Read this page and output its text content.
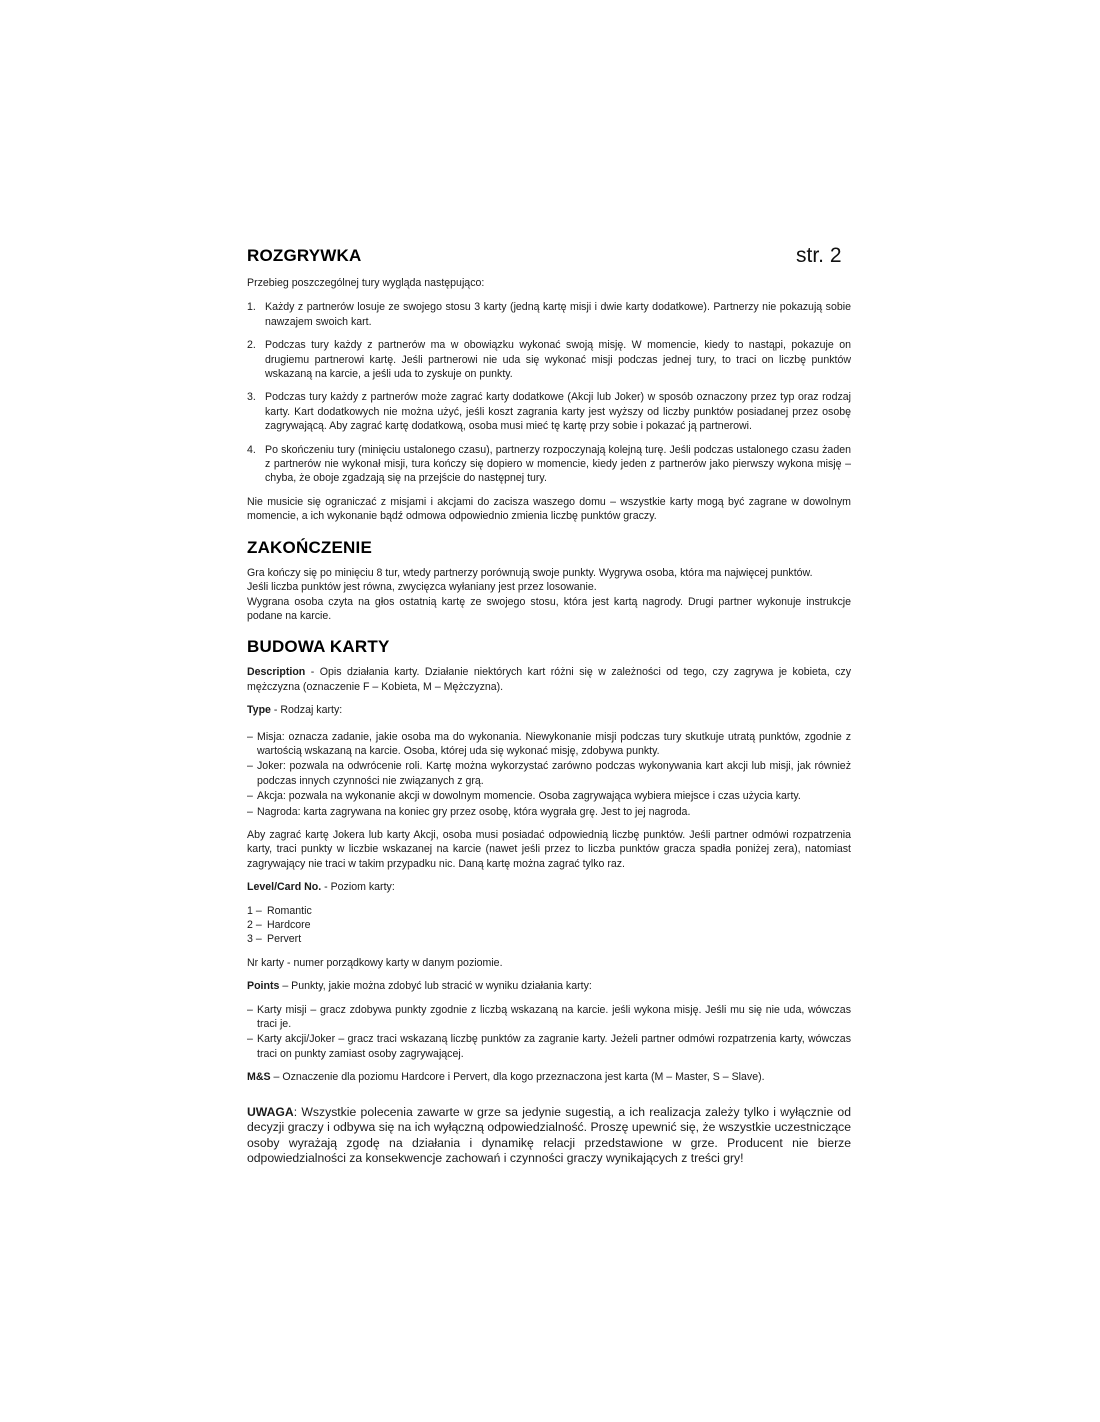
str. 2
ROZGRYWKA

Przebieg poszczególnej tury wygląda następująco:

1. Każdy z partnerów losuje ze swojego stosu 3 karty (jedną kartę misji i dwie karty dodatkowe). Partnerzy nie pokazują sobie nawzajem swoich kart.
2. Podczas tury każdy z partnerów ma w obowiązku wykonać swoją misję. W momencie, kiedy to nastąpi, pokazuje on drugiemu partnerowi kartę. Jeśli partnerowi nie uda się wykonać misji podczas jednej tury, to traci on liczbę punktów wskazaną na karcie, a jeśli uda to zyskuje on punkty.
3. Podczas tury każdy z partnerów może zagrać karty dodatkowe (Akcji lub Joker) w sposób oznaczony przez typ oraz rodzaj karty. Kart dodatkowych nie można użyć, jeśli koszt zagrania karty jest wyższy od liczby punktów posiadanej przez osobę zagrywającą. Aby zagrać kartę dodatkową, osoba musi mieć tę kartę przy sobie i pokazać ją partnerowi.
4. Po skończeniu tury (minięciu ustalonego czasu), partnerzy rozpoczynają kolejną turę. Jeśli podczas ustalonego czasu żaden z partnerów nie wykonał misji, tura kończy się dopiero w momencie, kiedy jeden z partnerów jako pierwszy wykona misję – chyba, że oboje zgadzają się na przejście do następnej tury.

Nie musicie się ograniczać z misjami i akcjami do zacisza waszego domu – wszystkie karty mogą być zagrane w dowolnym momencie, a ich wykonanie bądź odmowa odpowiednio zmienia liczbę punktów graczy.

ZAKOŃCZENIE

Gra kończy się po minięciu 8 tur, wtedy partnerzy porównują swoje punkty. Wygrywa osoba, która ma najwięcej punktów.

Jeśli liczba punktów jest równa, zwycięzca wyłaniany jest przez losowanie.

Wygrana osoba czyta na głos ostatnią kartę ze swojego stosu, która jest kartą nagrody. Drugi partner wykonuje instrukcje podane na karcie.

BUDOWA KARTY

Description - Opis działania karty. Działanie niektórych kart różni się w zależności od tego, czy zagrywa je kobieta, czy mężczyzna (oznaczenie F – Kobieta, M – Mężczyzna).

Type - Rodzaj karty:

– Misja: oznacza zadanie, jakie osoba ma do wykonania. Niewykonanie misji podczas tury skutkuje utratą punktów, zgodnie z wartością wskazaną na karcie. Osoba, której uda się wykonać misję, zdobywa punkty.
– Joker: pozwala na odwrócenie roli. Kartę można wykorzystać zarówno podczas wykonywania kart akcji lub misji, jak również podczas innych czynności nie związanych z grą.
– Akcja: pozwala na wykonanie akcji w dowolnym momencie. Osoba zagrywająca wybiera miejsce i czas użycia karty.
– Nagroda: karta zagrywana na koniec gry przez osobę, która wygrała grę. Jest to jej nagroda.

Aby zagrać kartę Jokera lub karty Akcji, osoba musi posiadać odpowiednią liczbę punktów. Jeśli partner odmówi rozpatrzenia karty, traci punkty w liczbie wskazanej na karcie (nawet jeśli przez to liczba punktów gracza spadła poniżej zera), natomiast zagrywający nie traci w takim przypadku nic. Daną kartę można zagrać tylko raz.

Level/Card No. - Poziom karty:

1 – Romantic
2 – Hardcore
3 – Pervert

Nr karty - numer porządkowy karty w danym poziomie.

Points – Punkty, jakie można zdobyć lub stracić w wyniku działania karty:

– Karty misji – gracz zdobywa punkty zgodnie z liczbą wskazaną na karcie. jeśli wykona misję. Jeśli mu się nie uda, wówczas traci je.
– Karty akcji/Joker – gracz traci wskazaną liczbę punktów za zagranie karty. Jeżeli partner odmówi rozpatrzenia karty, wówczas traci on punkty zamiast osoby zagrywającej.

M&S – Oznaczenie dla poziomu Hardcore i Pervert, dla kogo przeznaczona jest karta (M – Master, S – Slave).

UWAGA: Wszystkie polecenia zawarte w grze sa jedynie sugestią, a ich realizacja zależy tylko i wyłącznie od decyzji graczy i odbywa się na ich wyłączną odpowiedzialność. Proszę upewnić się, że wszystkie uczestniczące osoby wyrażają zgodę na działania i dynamikę relacji przedstawione w grze. Producent nie bierze odpowiedzialności za konsekwencje zachowań i czynności graczy wynikających z treści gry!
